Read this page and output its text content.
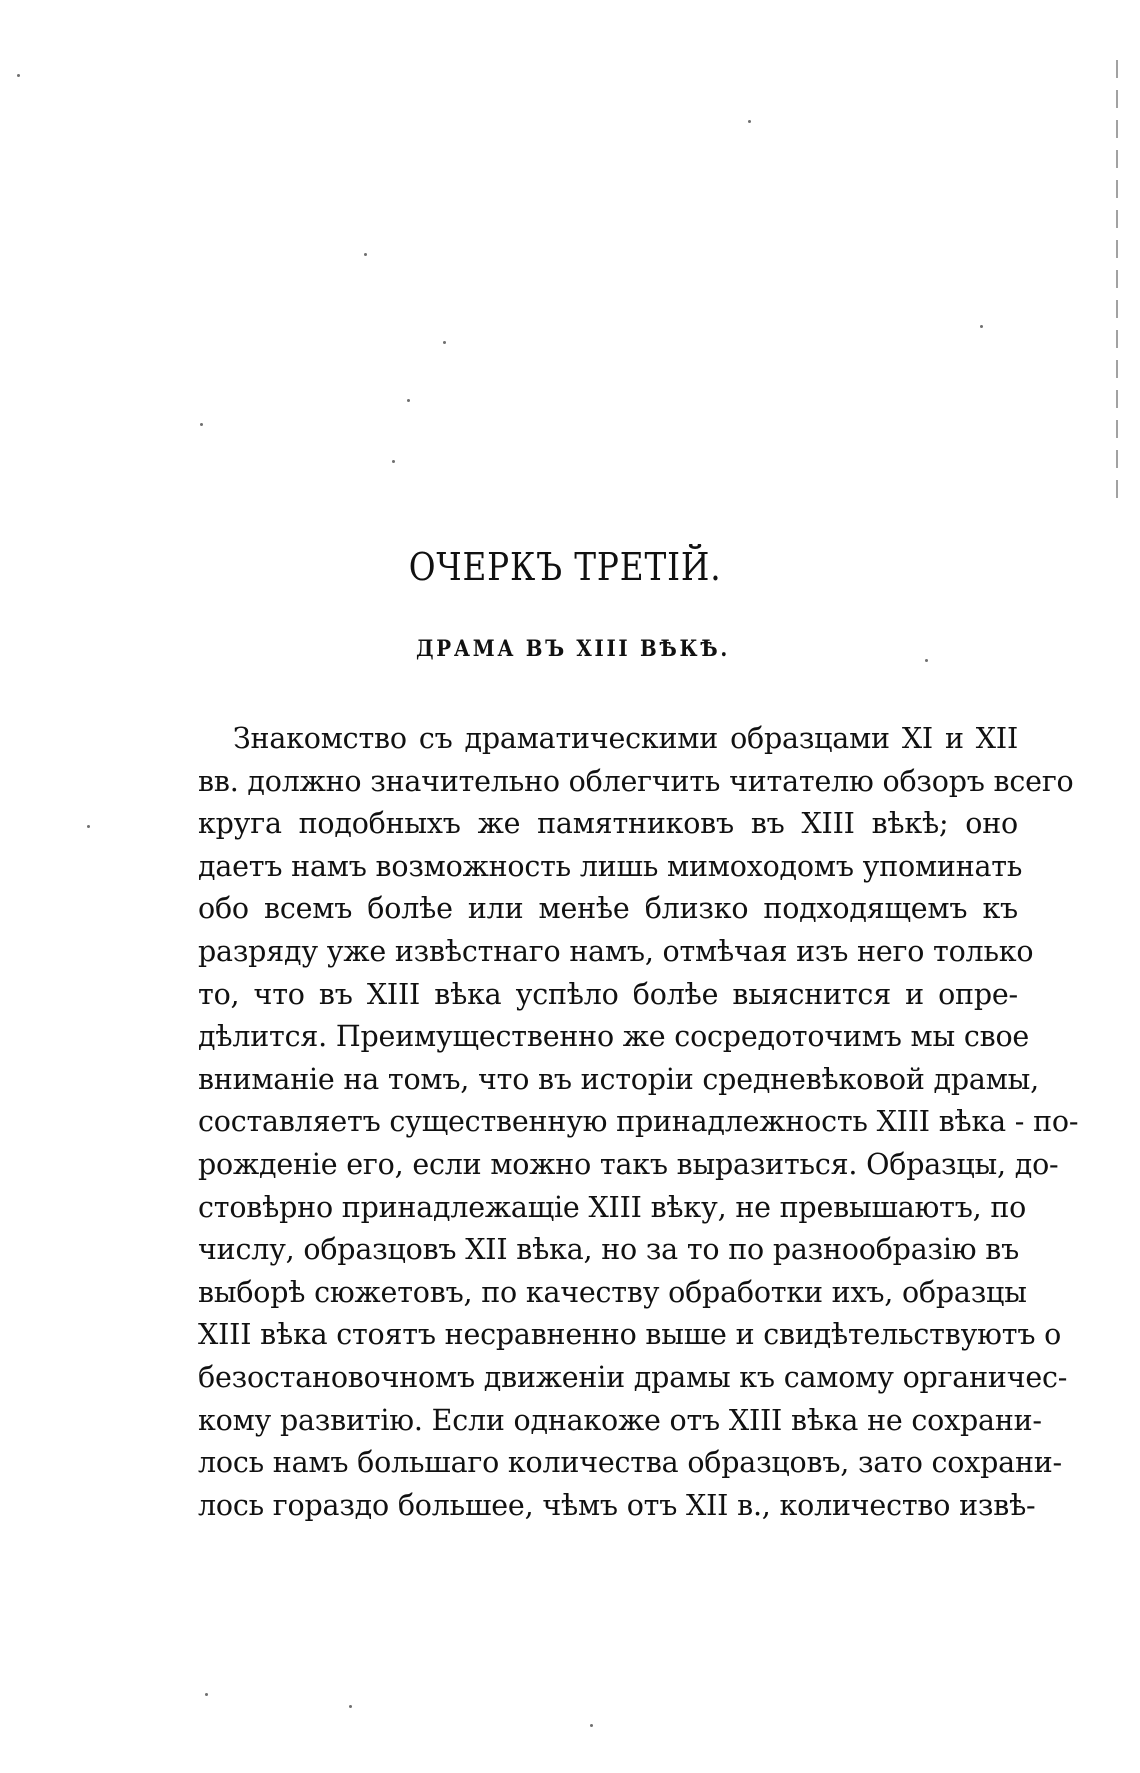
ОЧЕРКЪ ТРЕТІЙ.
ДРАМА ВЪ XIII ВѢКѢ.
Знакомство съ драматическими образцами XI и XII
вв. должно значительно облегчить читателю обзоръ всего
круга подобныхъ же памятниковъ въ XIII вѣкѣ; оно
даетъ намъ возможность лишь мимоходомъ упоминать
обо всемъ болѣе или менѣе близко подходящемъ къ
разряду уже извѣстнаго намъ, отмѣчая изъ него только
то, что въ XIII вѣка успѣло болѣе выяснится и опре-
дѣлится. Преимущественно же сосредоточимъ мы свое
вниманіе на томъ, что въ исторіи средневѣковой драмы,
составляетъ существенную принадлежность XIII вѣка - по-
рожденіе его, если можно такъ выразиться. Образцы, до-
стовѣрно принадлежащіе XIII вѣку, не превышаютъ, по
числу, образцовъ XII вѣка, но за то по разнообразію въ
выборѣ сюжетовъ, по качеству обработки ихъ, образцы
XIII вѣка стоятъ несравненно выше и свидѣтельствуютъ о
безостановочномъ движеніи драмы къ самому органичес-
кому развитію. Если однакоже отъ XIII вѣка не сохрани-
лось намъ большаго количества образцовъ, зато сохрани-
лось гораздо большее, чѣмъ отъ XII в., количество извѣ-
